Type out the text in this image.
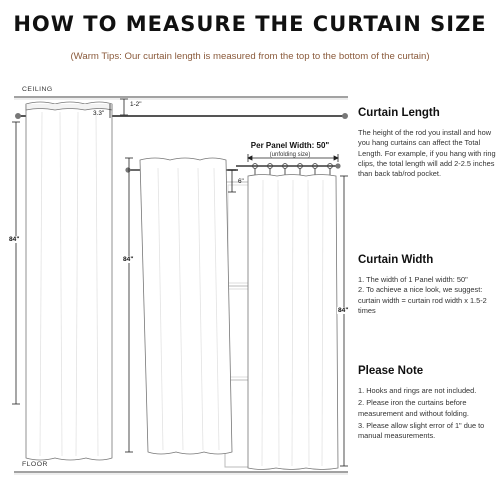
HOW TO MEASURE THE CURTAIN SIZE
(Warm Tips: Our curtain length is measured from the top to the bottom of the curtain)
CEILING
FLOOR
1-2"
3.3"
6"
84"
84"
84"
Per Panel Width: 50"
(unfolding size)
Curtain Length

The height of the rod you install and how you hang curtains can affect the Total Length. For example, if you hang with ring clips, the total length will add 2-2.5 inches than back tab/rod pocket.

Curtain Width

1. The width of 1 Panel width: 50"

2. To achieve a nice look, we suggest: curtain width = curtain rod width x 1.5-2 times

Please Note

1. Hooks and rings are not included.

2. Please iron the curtains before measurement and without folding.

3. Please allow slight error of 1" due to manual measurements.
